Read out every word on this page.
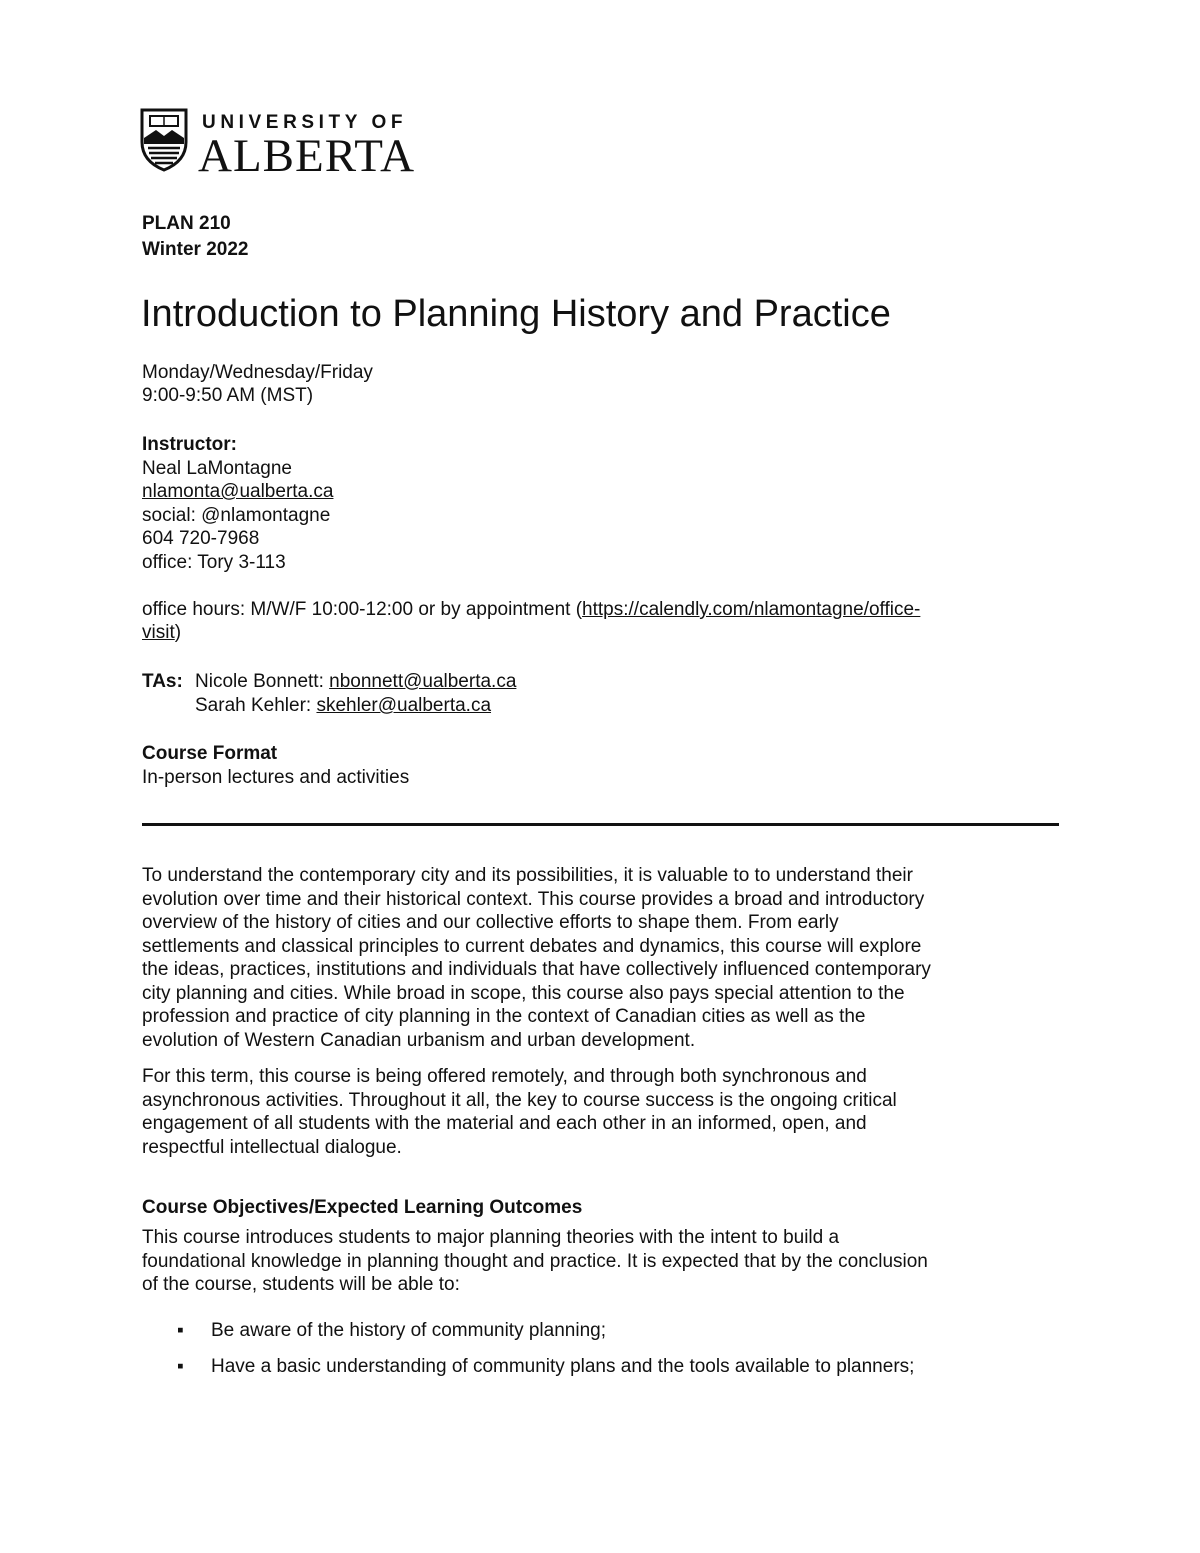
UNIVERSITY OF
ALBERTA
PLAN 210
Winter 2022
Introduction to Planning History and Practice
Monday/Wednesday/Friday
9:00-9:50 AM (MST)
Instructor:
Neal LaMontagne
nlamonta@ualberta.ca
social: @nlamontagne
604 720-7968
office: Tory 3-113
office hours: M/W/F 10:00-12:00 or by appointment (https://calendly.com/nlamontagne/office-
visit)
TAs: Nicole Bonnett: nbonnett@ualberta.ca
Sarah Kehler: skehler@ualberta.ca
Course Format
In-person lectures and activities
To understand the contemporary city and its possibilities, it is valuable to to understand their
evolution over time and their historical context. This course provides a broad and introductory
overview of the history of cities and our collective efforts to shape them. From early
settlements and classical principles to current debates and dynamics, this course will explore
the ideas, practices, institutions and individuals that have collectively influenced contemporary
city planning and cities. While broad in scope, this course also pays special attention to the
profession and practice of city planning in the context of Canadian cities as well as the
evolution of Western Canadian urbanism and urban development.
For this term, this course is being offered remotely, and through both synchronous and
asynchronous activities. Throughout it all, the key to course success is the ongoing critical
engagement of all students with the material and each other in an informed, open, and
respectful intellectual dialogue.
Course Objectives/Expected Learning Outcomes
This course introduces students to major planning theories with the intent to build a
foundational knowledge in planning thought and practice. It is expected that by the conclusion
of the course, students will be able to:
▪ Be aware of the history of community planning;
▪ Have a basic understanding of community plans and the tools available to planners;
